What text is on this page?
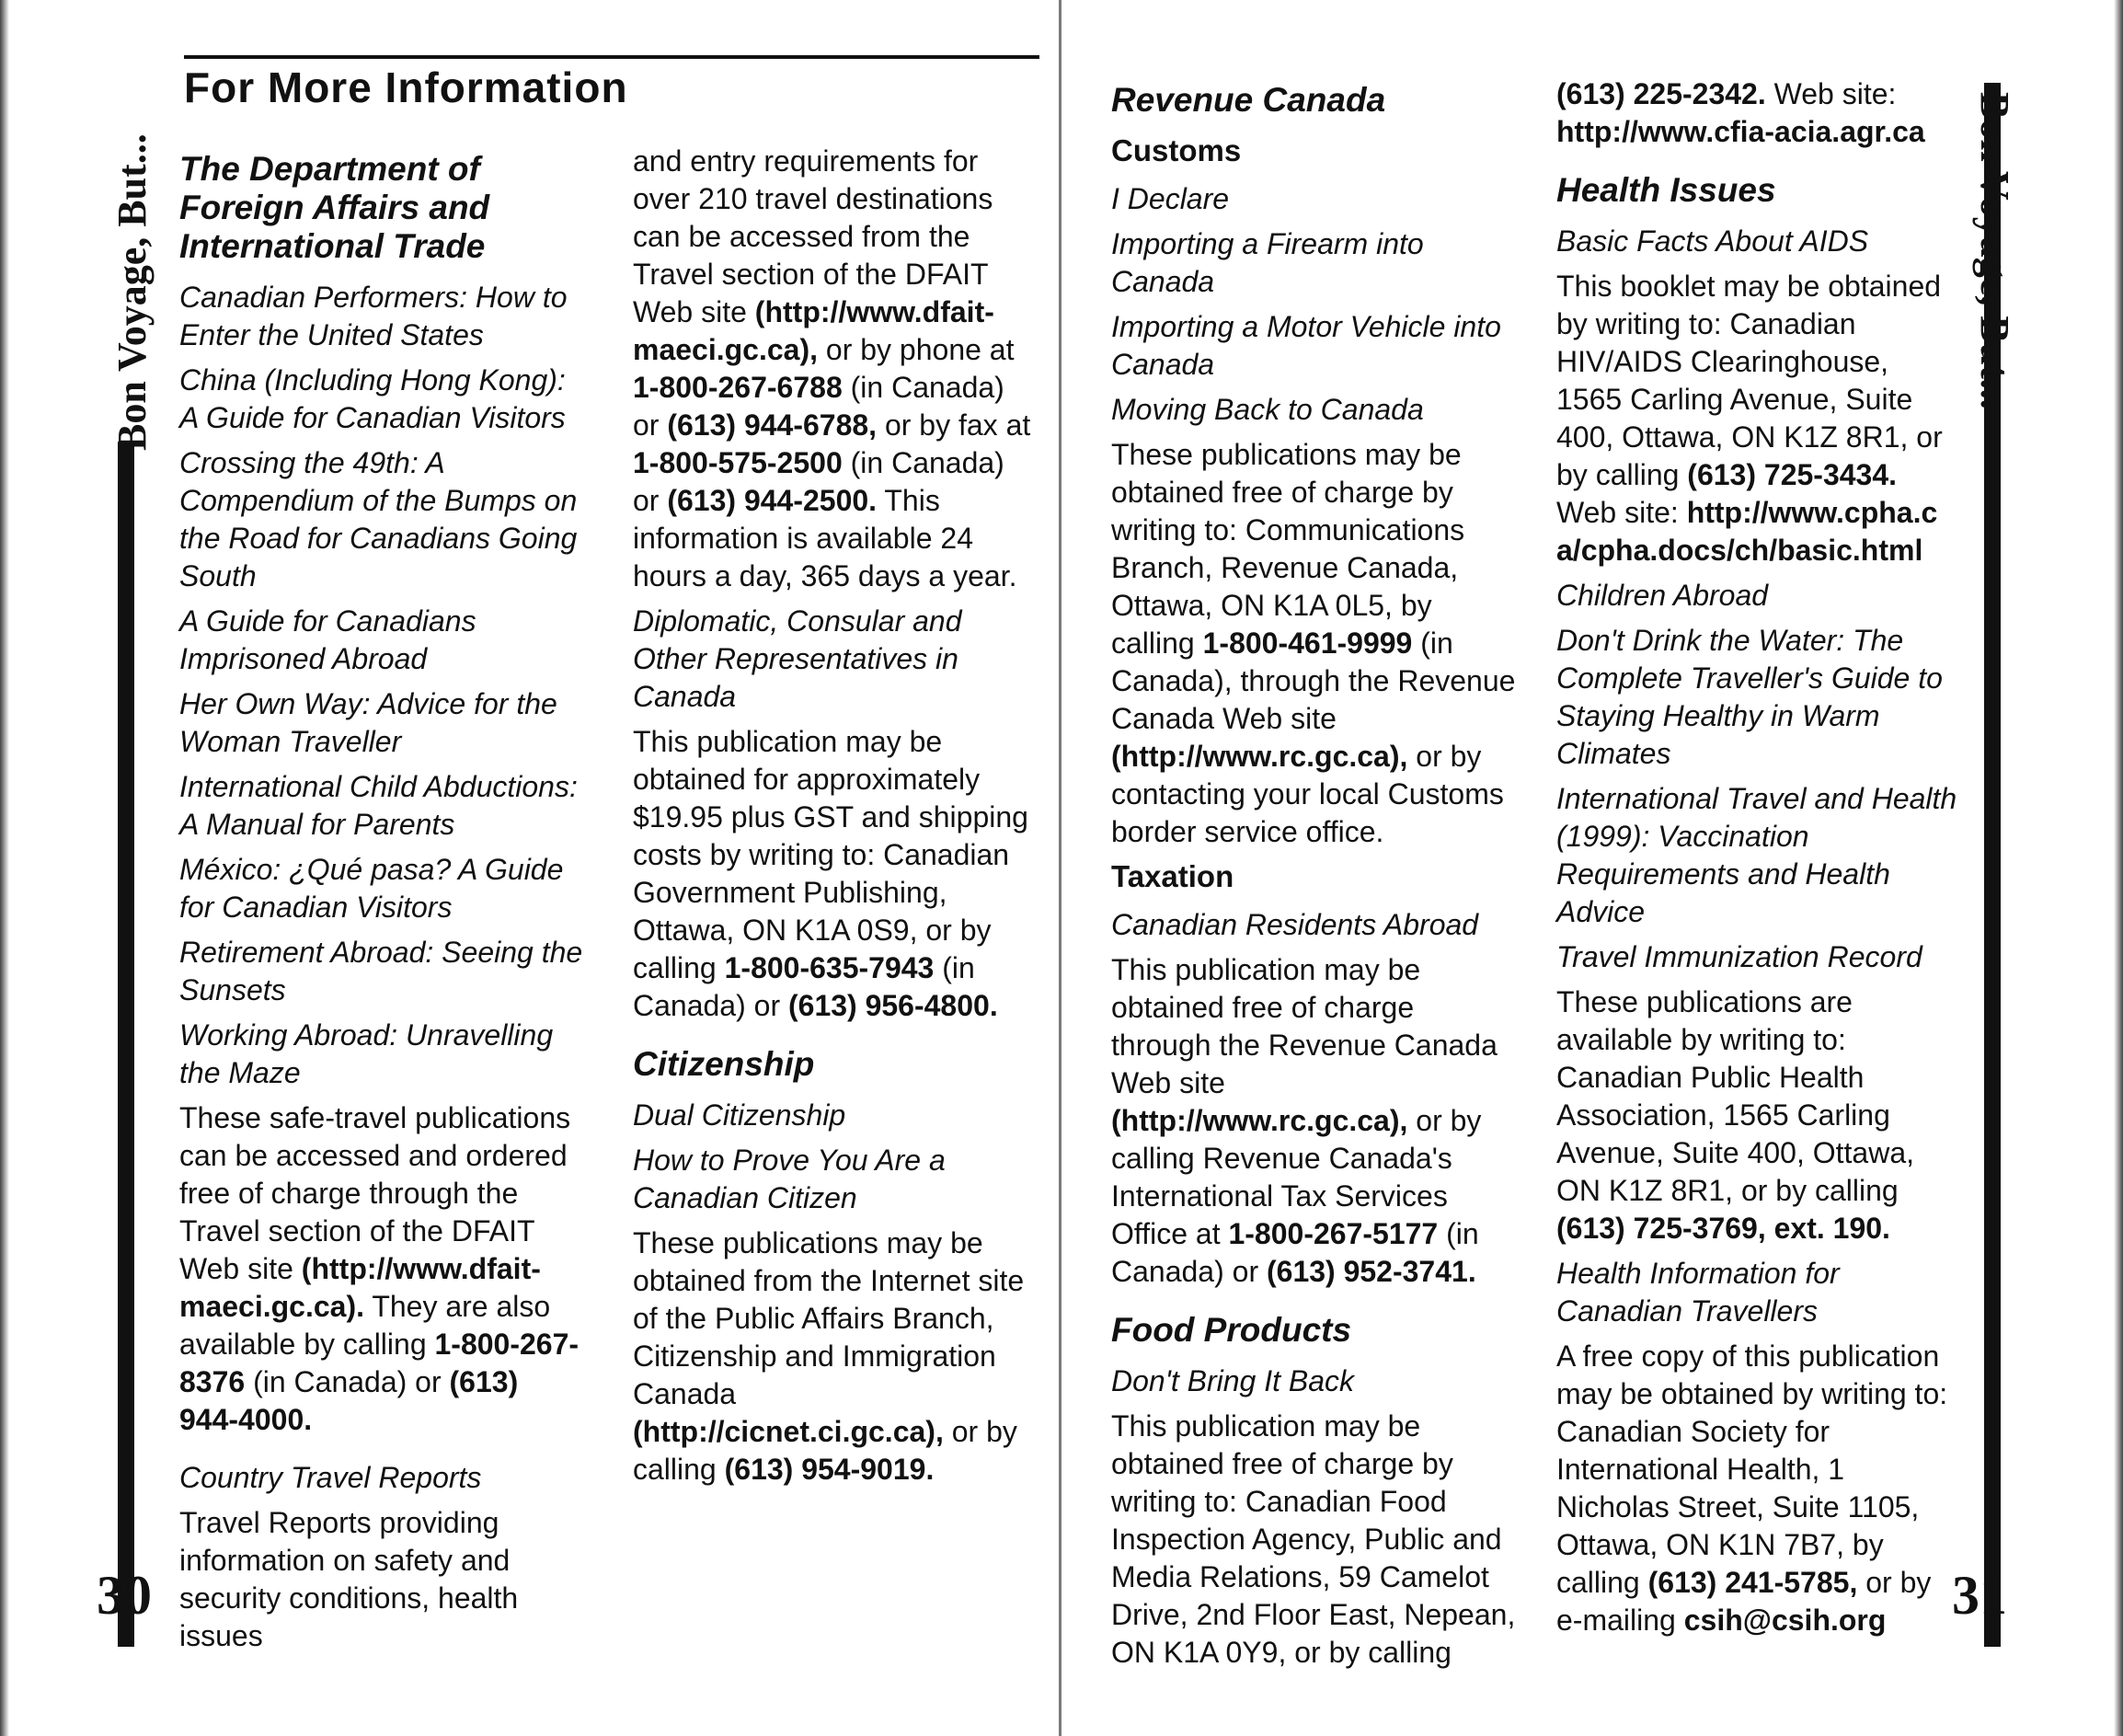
Bon Voyage, But...
30
For More Information

The Department of Foreign Affairs and International Trade

Canadian Performers: How to Enter the United States

China (Including Hong Kong): A Guide for Canadian Visitors

Crossing the 49th: A Compendium of the Bumps on the Road for Canadians Going South

A Guide for Canadians Imprisoned Abroad

Her Own Way: Advice for the Woman Traveller

International Child Abductions: A Manual for Parents

México: ¿Qué pasa? A Guide for Canadian Visitors

Retirement Abroad: Seeing the Sunsets

Working Abroad: Unravelling the Maze

These safe-travel publications can be accessed and ordered free of charge through the Travel section of the DFAIT Web site (http://www.dfait-maeci.gc.ca). They are also available by calling 1-800-267-8376 (in Canada) or (613) 944-4000.

Country Travel Reports

Travel Reports providing information on safety and security conditions, health issues

and entry requirements for over 210 travel destinations can be accessed from the Travel section of the DFAIT Web site (http://www.dfait-maeci.gc.ca), or by phone at 1-800-267-6788 (in Canada) or (613) 944-6788, or by fax at 1-800-575-2500 (in Canada) or (613) 944-2500. This information is available 24 hours a day, 365 days a year.

Diplomatic, Consular and Other Representatives in Canada

This publication may be obtained for approximately $19.95 plus GST and shipping costs by writing to: Canadian Government Publishing, Ottawa, ON K1A 0S9, or by calling 1-800-635-7943 (in Canada) or (613) 956-4800.

Citizenship

Dual Citizenship

How to Prove You Are a Canadian Citizen

These publications may be obtained from the Internet site of the Public Affairs Branch, Citizenship and Immigration Canada (http://cicnet.ci.gc.ca), or by calling (613) 954-9019.

Revenue Canada

Customs

I Declare

Importing a Firearm into Canada

Importing a Motor Vehicle into Canada

Moving Back to Canada

These publications may be obtained free of charge by writing to: Communications Branch, Revenue Canada, Ottawa, ON K1A 0L5, by calling 1-800-461-9999 (in Canada), through the Revenue Canada Web site (http://www.rc.gc.ca), or by contacting your local Customs border service office.

Taxation

Canadian Residents Abroad

This publication may be obtained free of charge through the Revenue Canada Web site (http://www.rc.gc.ca), or by calling Revenue Canada's International Tax Services Office at 1-800-267-5177 (in Canada) or (613) 952-3741.

Food Products

Don't Bring It Back

This publication may be obtained free of charge by writing to: Canadian Food Inspection Agency, Public and Media Relations, 59 Camelot Drive, 2nd Floor East, Nepean, ON K1A 0Y9, or by calling

(613) 225-2342. Web site: http://www.cfia-acia.agr.ca

Health Issues

Basic Facts About AIDS

This booklet may be obtained by writing to: Canadian HIV/AIDS Clearinghouse, 1565 Carling Avenue, Suite 400, Ottawa, ON K1Z 8R1, or by calling (613) 725-3434. Web site: http://www.cpha.ca/cpha.docs/ch/basic.html

Children Abroad

Don't Drink the Water: The Complete Traveller's Guide to Staying Healthy in Warm Climates

International Travel and Health (1999): Vaccination Requirements and Health Advice

Travel Immunization Record

These publications are available by writing to: Canadian Public Health Association, 1565 Carling Avenue, Suite 400, Ottawa, ON K1Z 8R1, or by calling (613) 725-3769, ext. 190.

Health Information for Canadian Travellers

A free copy of this publication may be obtained by writing to: Canadian Society for International Health, 1 Nicholas Street, Suite 1105, Ottawa, ON K1N 7B7, by calling (613) 241-5785, or by e-mailing csih@csih.org

Bon Voyage, But...
31
